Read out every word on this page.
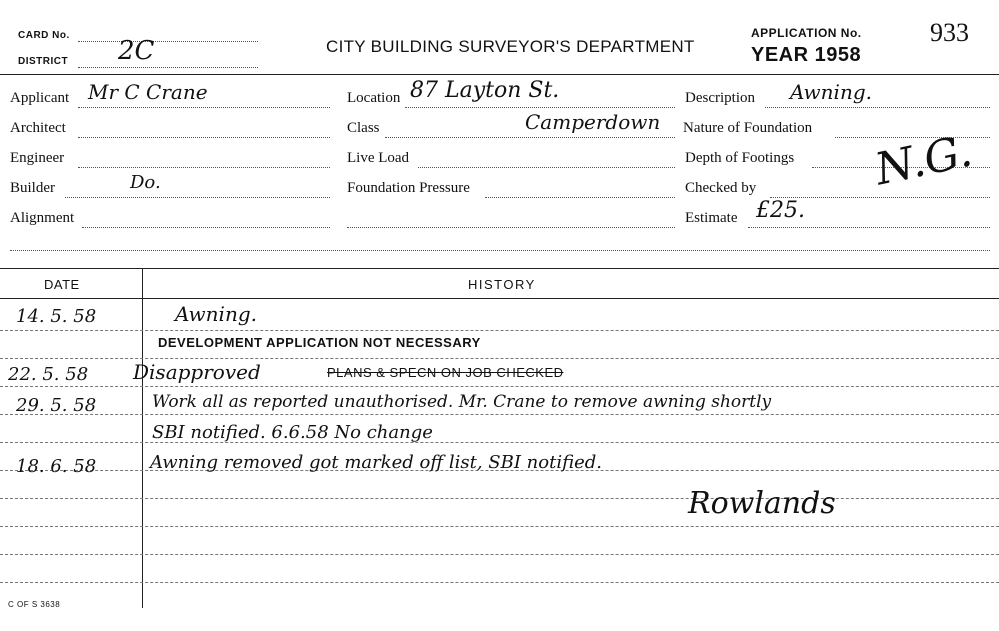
CARD No.
DISTRICT 2C	CITY BUILDING SURVEYOR'S DEPARTMENT
APPLICATION No.	933
YEAR 1958
Applicant Mr C Crane
Architect
Engineer
Builder	Do.
Alignment
Location 87 Layton St.
Class	Camperdown
Live Load
Foundation Pressure
Description Awning.
Nature of Foundation
Depth of Footings
Checked by
Estimate £25.
N.G.
DATE	HISTORY
14. 5. 58	Awning.
DEVELOPMENT APPLICATION NOT NECESSARY
22. 5. 58 Disapproved	PLANS & SPECN ON JOB CHECKED
29. 5. 58	Work all as reported unauthorised. Mr. Crane to remove awning shortly
SBI notified. 6.6.58 No change
18. 6. 58	Awning removed got marked off list, SBI notified.
Rowlands
C OF S 3638
